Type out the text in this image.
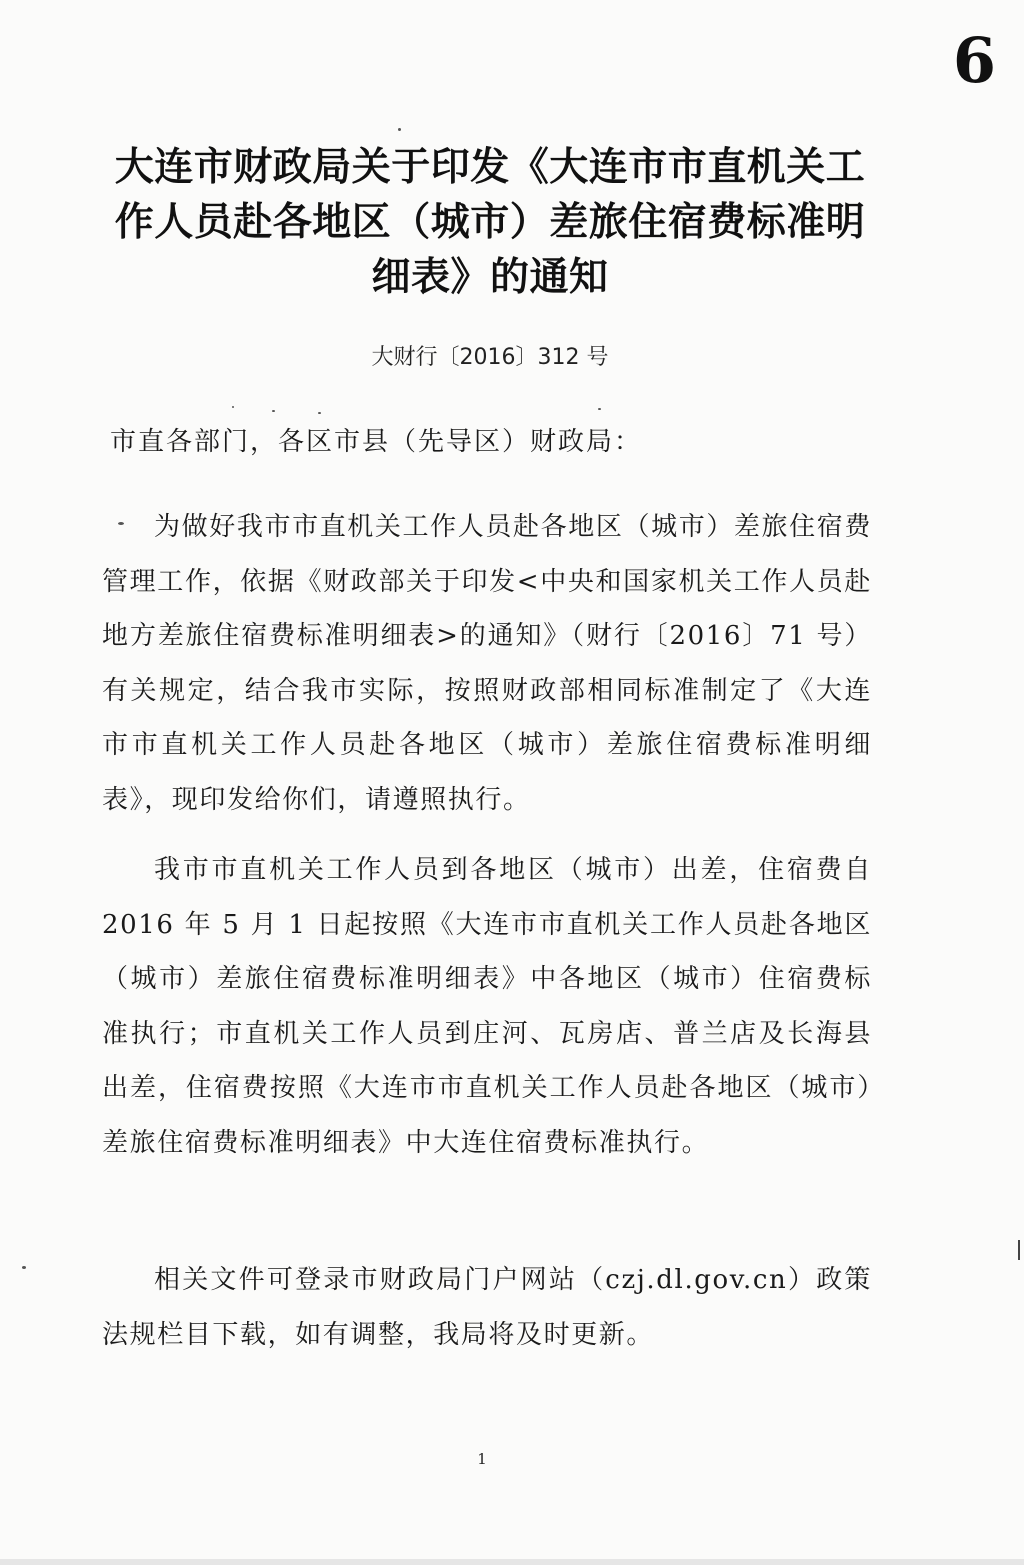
6
大连市财政局关于印发《大连市市直机关工作人员赴各地区（城市）差旅住宿费标准明细表》的通知
大财行〔2016〕312 号
市直各部门，各区市县（先导区）财政局：

为做好我市市直机关工作人员赴各地区（城市）差旅住宿费管理工作，依据《财政部关于印发<中央和国家机关工作人员赴地方差旅住宿费标准明细表>的通知》（财行〔2016〕71 号）有关规定，结合我市实际，按照财政部相同标准制定了《大连市市直机关工作人员赴各地区（城市）差旅住宿费标准明细表》，现印发给你们，请遵照执行。

我市市直机关工作人员到各地区（城市）出差，住宿费自 2016 年 5 月 1 日起按照《大连市市直机关工作人员赴各地区（城市）差旅住宿费标准明细表》中各地区（城市）住宿费标准执行；市直机关工作人员到庄河、瓦房店、普兰店及长海县出差，住宿费按照《大连市市直机关工作人员赴各地区（城市）差旅住宿费标准明细表》中大连住宿费标准执行。

相关文件可登录市财政局门户网站（czj.dl.gov.cn）政策法规栏目下载，如有调整，我局将及时更新。

1
